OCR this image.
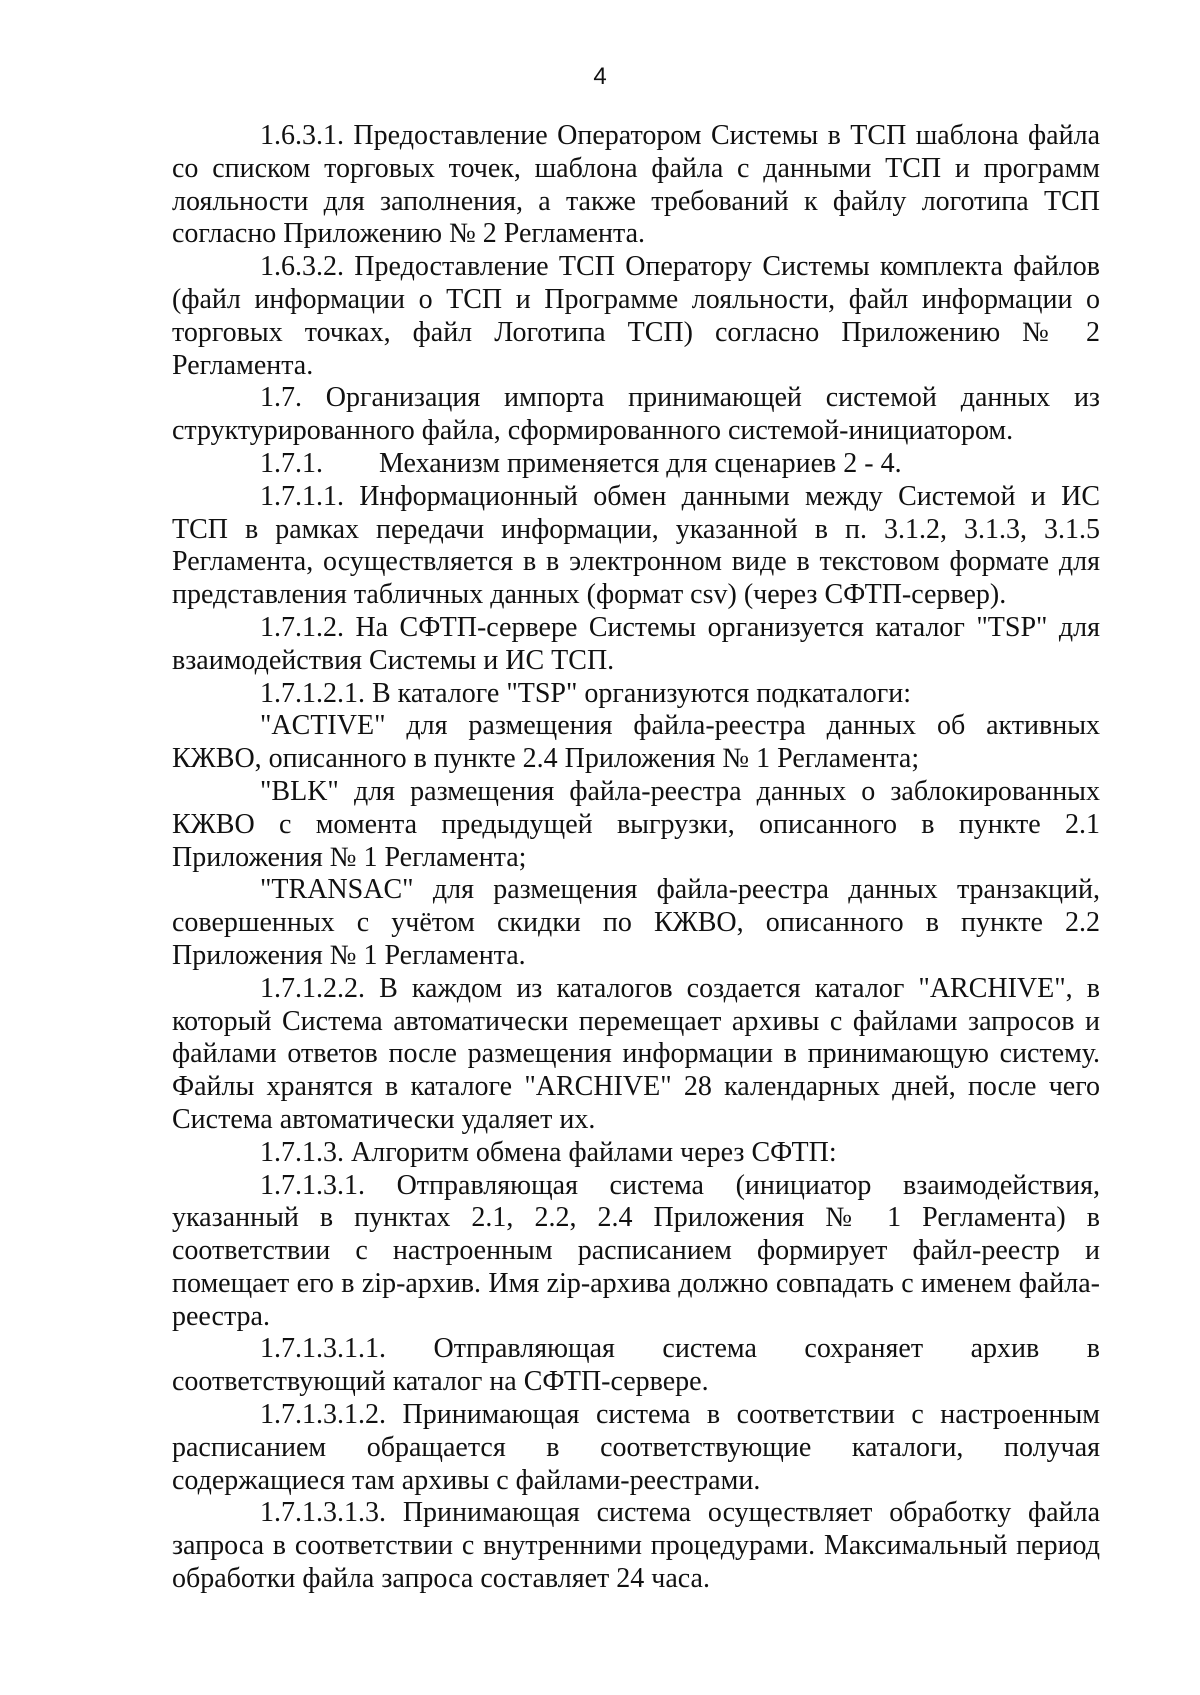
4

1.6.3.1. Предоставление Оператором Системы в ТСП шаблона файла со списком торговых точек, шаблона файла с данными ТСП и программ лояльности для заполнения, а также требований к файлу логотипа ТСП согласно Приложению № 2 Регламента.

1.6.3.2. Предоставление ТСП Оператору Системы комплекта файлов (файл информации о ТСП и Программе лояльности, файл информации о торговых точках, файл Логотипа ТСП) согласно Приложению № 2 Регламента.

1.7. Организация импорта принимающей системой данных из структурированного файла, сформированного системой-инициатором.

1.7.1.        Механизм применяется для сценариев 2 - 4.

1.7.1.1. Информационный обмен данными между Системой и ИС ТСП в рамках передачи информации, указанной в п. 3.1.2, 3.1.3, 3.1.5 Регламента, осуществляется в в электронном виде в текстовом формате для представления табличных данных (формат csv) (через СФТП-сервер).

1.7.1.2. На СФТП-сервере Системы организуется каталог "TSP" для взаимодействия Системы и ИС ТСП.

1.7.1.2.1. В каталоге "TSP" организуются подкаталоги:

"ACTIVE" для размещения файла-реестра данных об активных КЖВО, описанного в пункте 2.4 Приложения № 1 Регламента;

"BLK" для размещения файла-реестра данных о заблокированных КЖВО с момента предыдущей выгрузки, описанного в пункте 2.1 Приложения № 1 Регламента;

"TRANSAC" для размещения файла-реестра данных транзакций, совершенных с учётом скидки по КЖВО, описанного в пункте 2.2 Приложения № 1 Регламента.

1.7.1.2.2. В каждом из каталогов создается каталог "ARCHIVE", в который Система автоматически перемещает архивы с файлами запросов и файлами ответов после размещения информации в принимающую систему. Файлы хранятся в каталоге "ARCHIVE" 28 календарных дней, после чего Система автоматически удаляет их.

1.7.1.3. Алгоритм обмена файлами через СФТП:

1.7.1.3.1. Отправляющая система (инициатор взаимодействия, указанный в пунктах 2.1, 2.2, 2.4 Приложения № 1 Регламента) в соответствии с настроенным расписанием формирует файл-реестр и помещает его в zip-архив. Имя zip-архива должно совпадать с именем файла-реестра.

1.7.1.3.1.1. Отправляющая система сохраняет архив в соответствующий каталог на СФТП-сервере.

1.7.1.3.1.2. Принимающая система в соответствии с настроенным расписанием обращается в соответствующие каталоги, получая содержащиеся там архивы с файлами-реестрами.

1.7.1.3.1.3. Принимающая система осуществляет обработку файла запроса в соответствии с внутренними процедурами. Максимальный период обработки файла запроса составляет 24 часа.
